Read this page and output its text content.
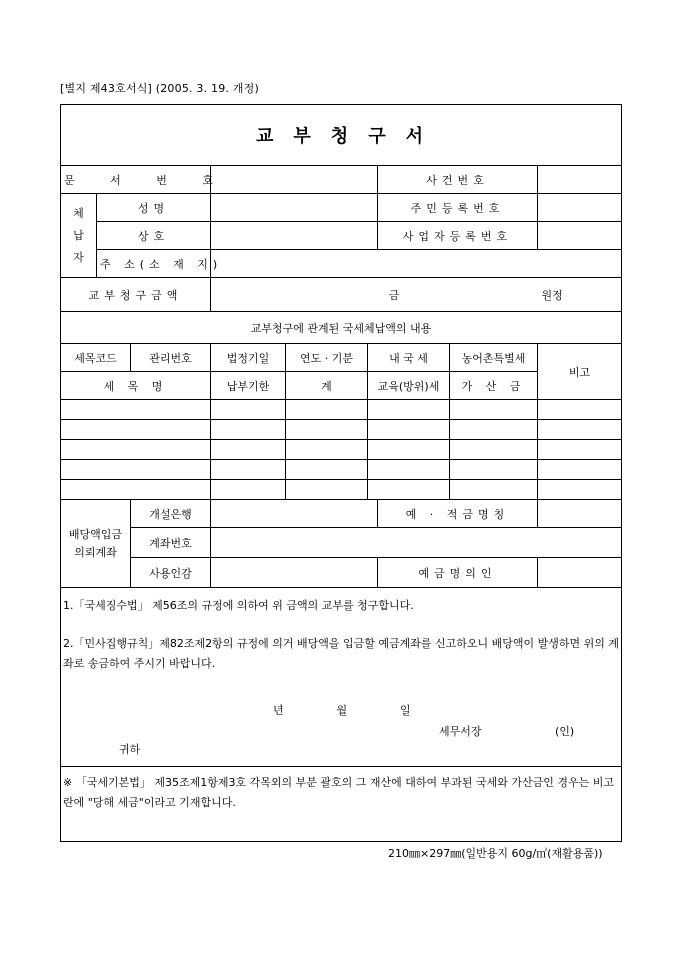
[별지 제43호서식] (2005. 3. 19. 개정)
교부청구서								
문 서 번 호						사건번호		
체납자	성명					주민등록번호		
	상호					사업자등록번호		
	주 소(소 재 지)							
교부청구금액			금 원정					
교부청구에 관계된 국세체납액의 내용								
세목코드		관리번호	법정기일	연도 · 기분	내 국 세		농어촌특별세	비고
세 목 명			납부기한	계	교육(방위)세		가 산 금	

배당액입금 의뢰계좌		개설은행				예 · 적금명칭		
		계좌번호						
		사용인감				예금명의인		

1.「국세징수법」 제56조의 규정에 의하여 위 금액의 교부를 청구합니다.

2.「민사집행규칙」제82조제2항의 규정에 의거 배당액을 입금할 예금계좌를 신고하오니 배당액이 발생하면 위의 계좌로 송금하여 주시기 바랍니다.

년 월 일
세무서장 (인)
귀하								

※ 「국세기본법」 제35조제1항제3호 각목외의 부분 괄호의 그 재산에 대하여 부과된 국세와 가산금인 경우는 비고란에 "당해 세금"이라고 기재합니다.								
210㎜×297㎜(일반용지 60g/㎡(재활용품))
